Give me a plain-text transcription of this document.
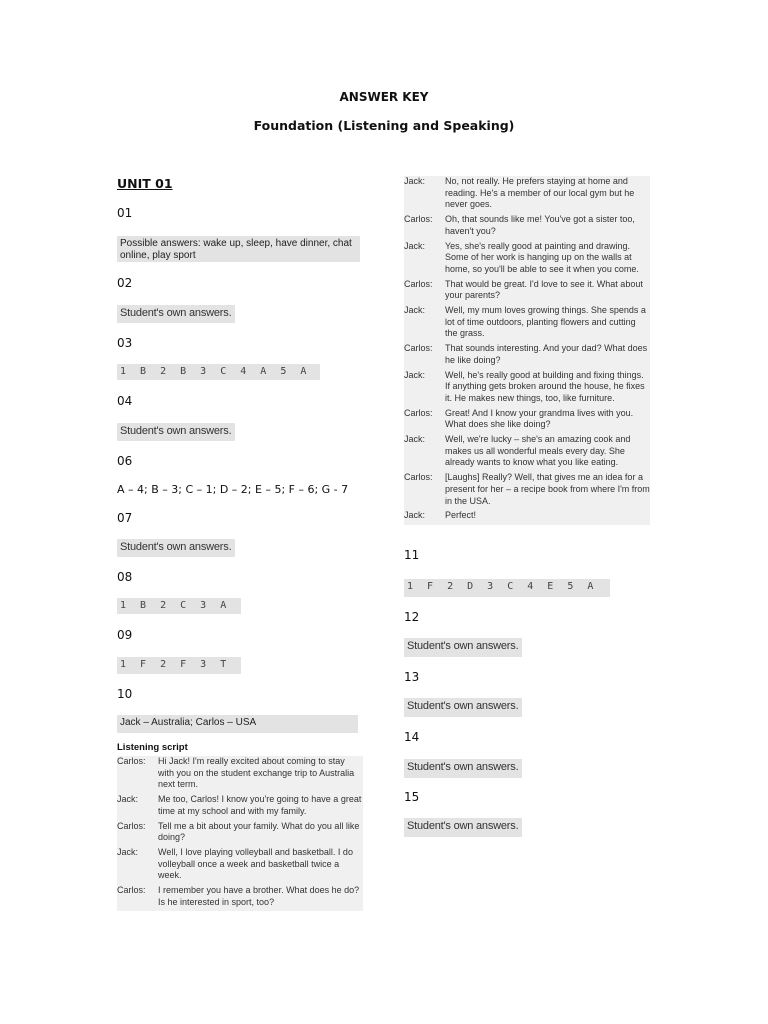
ANSWER KEY
Foundation (Listening and Speaking)
UNIT 01
01
Possible answers: wake up, sleep, have dinner, chat online, play sport
02
Student's own answers.
03
1 B 2 B 3 C 4 A 5 A
04
Student's own answers.
06
A – 4; B – 3; C – 1; D – 2; E – 5; F – 6; G - 7
07
Student's own answers.
08
1 B 2 C 3 A
09
1 F 2 F 3 T
10
Jack – Australia; Carlos – USA
Listening script
Carlos:	Hi Jack! I'm really excited about coming to stay with you on the student exchange trip to Australia next term.
Jack:	Me too, Carlos! I know you're going to have a great time at my school and with my family.
Carlos:	Tell me a bit about your family. What do you all like doing?
Jack:	Well, I love playing volleyball and basketball. I do volleyball once a week and basketball twice a week.
Carlos:	I remember you have a brother. What does he do? Is he interested in sport, too?
Jack:	No, not really. He prefers staying at home and reading. He's a member of our local gym but he never goes.
Carlos:	Oh, that sounds like me! You've got a sister too, haven't you?
Jack:	Yes, she's really good at painting and drawing. Some of her work is hanging up on the walls at home, so you'll be able to see it when you come.
Carlos:	That would be great. I'd love to see it. What about your parents?
Jack:	Well, my mum loves growing things. She spends a lot of time outdoors, planting flowers and cutting the grass.
Carlos:	That sounds interesting. And your dad? What does he like doing?
Jack:	Well, he's really good at building and fixing things. If anything gets broken around the house, he fixes it. He makes new things, too, like furniture.
Carlos:	Great! And I know your grandma lives with you. What does she like doing?
Jack:	Well, we're lucky – she's an amazing cook and makes us all wonderful meals every day. She already wants to know what you like eating.
Carlos:	[Laughs] Really? Well, that gives me an idea for a present for her – a recipe book from where I'm from in the USA.
Jack:	Perfect!
11
1 F 2 D 3 C 4 E 5 A
12
Student's own answers.
13
Student's own answers.
14
Student's own answers.
15
Student's own answers.
